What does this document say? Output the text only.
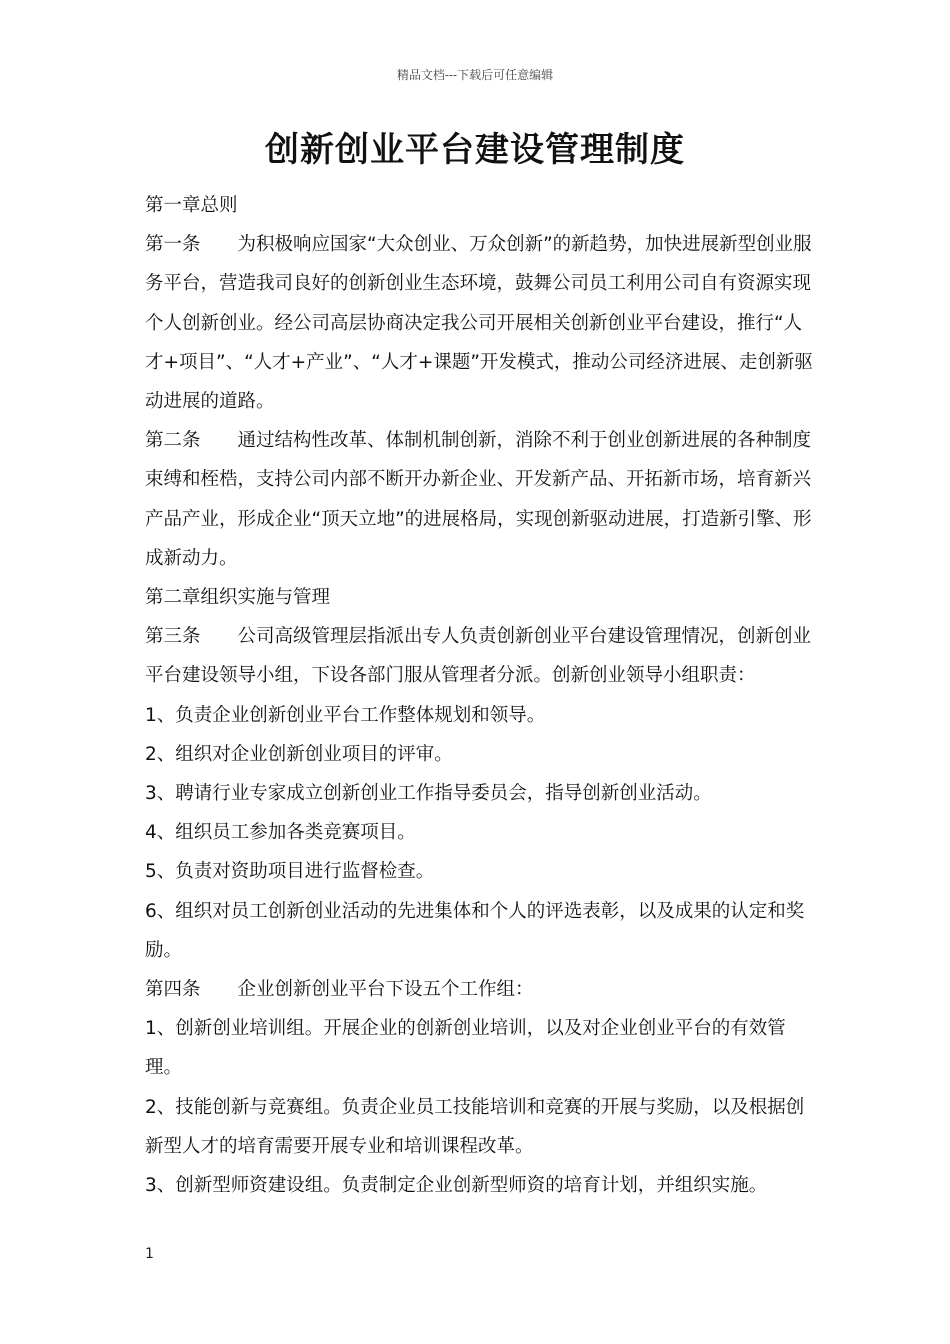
精品文档---下载后可任意编辑
创新创业平台建设管理制度

第一章总则

第一条　　为积极响应国家“大众创业、万众创新”的新趋势，加快进展新型创业服务平台，营造我司良好的创新创业生态环境，鼓舞公司员工利用公司自有资源实现个人创新创业。经公司高层协商决定我公司开展相关创新创业平台建设，推行“人才+项目”、“人才+产业”、“人才+课题”开发模式，推动公司经济进展、走创新驱动进展的道路。

第二条　　通过结构性改革、体制机制创新，消除不利于创业创新进展的各种制度束缚和桎梏，支持公司内部不断开办新企业、开发新产品、开拓新市场，培育新兴产品产业，形成企业“顶天立地”的进展格局，实现创新驱动进展，打造新引擎、形成新动力。

第二章组织实施与管理

第三条　　公司高级管理层指派出专人负责创新创业平台建设管理情况，创新创业平台建设领导小组，下设各部门服从管理者分派。创新创业领导小组职责：

1、负责企业创新创业平台工作整体规划和领导。

2、组织对企业创新创业项目的评审。

3、聘请行业专家成立创新创业工作指导委员会，指导创新创业活动。

4、组织员工参加各类竞赛项目。

5、负责对资助项目进行监督检查。

6、组织对员工创新创业活动的先进集体和个人的评选表彰，以及成果的认定和奖励。

第四条　　企业创新创业平台下设五个工作组：

1、创新创业培训组。开展企业的创新创业培训，以及对企业创业平台的有效管理。

2、技能创新与竞赛组。负责企业员工技能培训和竞赛的开展与奖励，以及根据创新型人才的培育需要开展专业和培训课程改革。

3、创新型师资建设组。负责制定企业创新型师资的培育计划，并组织实施。

1
